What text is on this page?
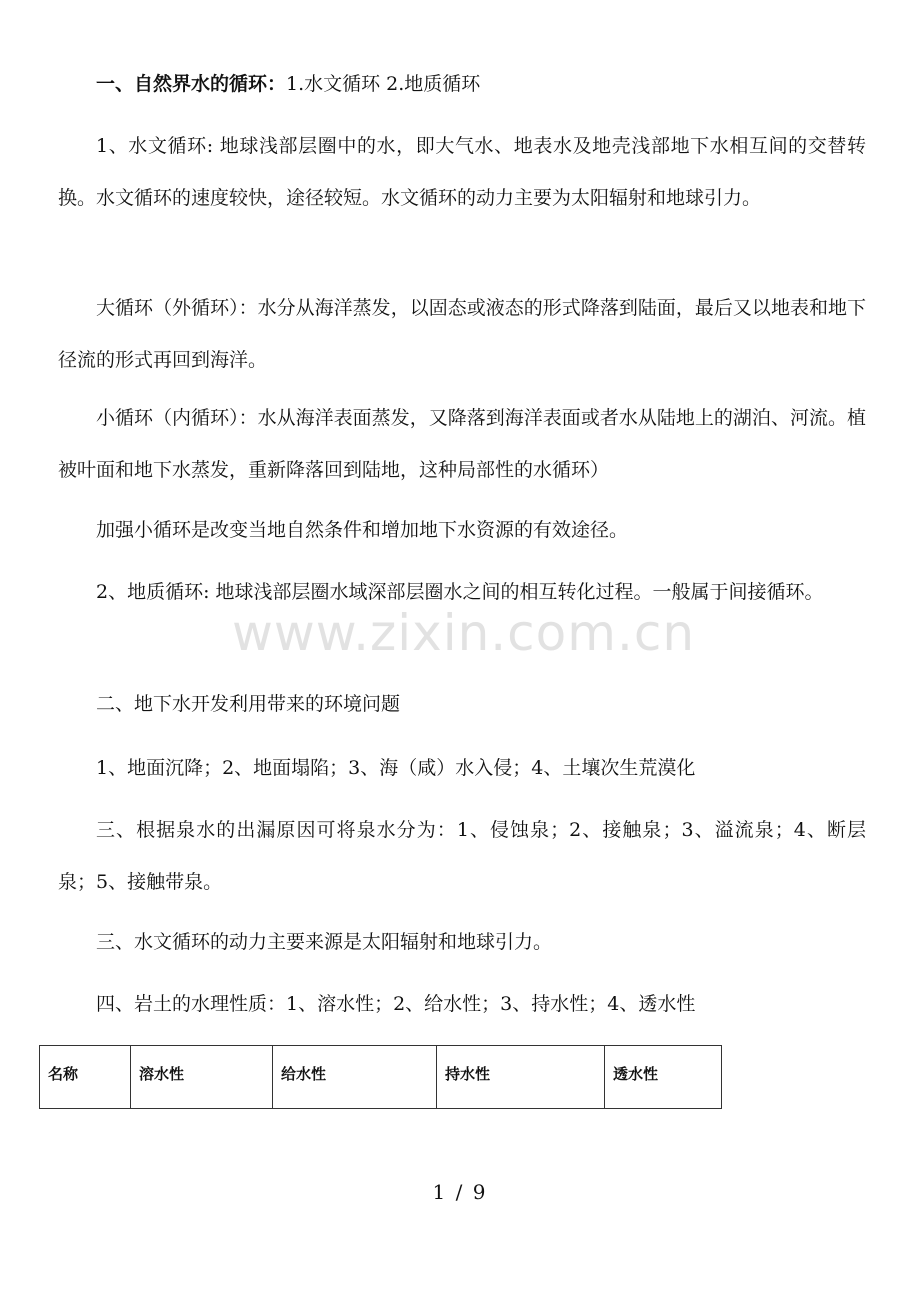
一、自然界水的循环：1.水文循环 2.地质循环

1、水文循环: 地球浅部层圈中的水，即大气水、地表水及地壳浅部地下水相互间的交替转换。水文循环的速度较快，途径较短。水文循环的动力主要为太阳辐射和地球引力。

大循环（外循环）：水分从海洋蒸发，以固态或液态的形式降落到陆面，最后又以地表和地下径流的形式再回到海洋。

小循环（内循环）：水从海洋表面蒸发，又降落到海洋表面或者水从陆地上的湖泊、河流。植被叶面和地下水蒸发，重新降落回到陆地，这种局部性的水循环）

加强小循环是改变当地自然条件和增加地下水资源的有效途径。

2、地质循环: 地球浅部层圈水域深部层圈水之间的相互转化过程。一般属于间接循环。

www.zixin.com.cn

二、地下水开发利用带来的环境问题

1、地面沉降；2、地面塌陷；3、海（咸）水入侵；4、土壤次生荒漠化

三、根据泉水的出漏原因可将泉水分为：1、侵蚀泉；2、接触泉；3、溢流泉；4、断层泉；5、接触带泉。

三、水文循环的动力主要来源是太阳辐射和地球引力。

四、岩土的水理性质：1、溶水性；2、给水性；3、持水性；4、透水性

名称	溶水性	给水性	持水性	透水性
1 / 9
